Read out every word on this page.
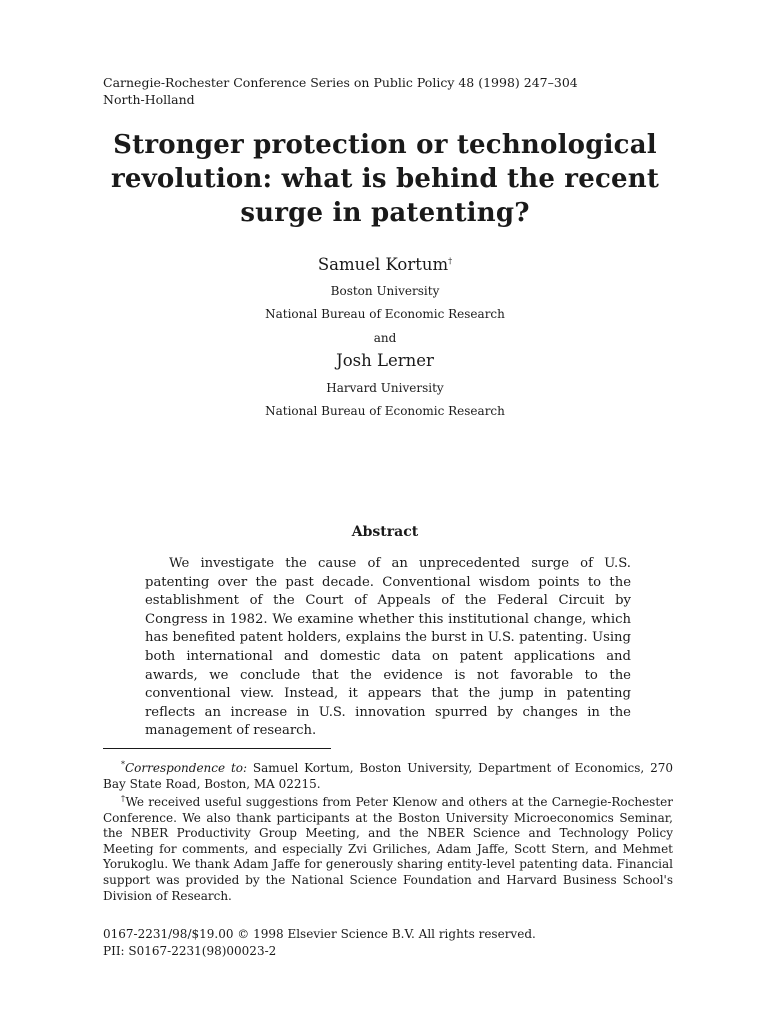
Carnegie-Rochester Conference Series on Public Policy 48 (1998) 247–304
North-Holland
Stronger protection or technological
revolution: what is behind the recent
surge in patenting?
Samuel Kortum†
Boston University
National Bureau of Economic Research
and
Josh Lerner
Harvard University
National Bureau of Economic Research
Abstract

We investigate the cause of an unprecedented surge of U.S. patenting over the past decade. Conventional wisdom points to the establishment of the Court of Appeals of the Federal Circuit by Congress in 1982. We examine whether this institutional change, which has benefited patent holders, explains the burst in U.S. patenting. Using both international and domestic data on patent applications and awards, we conclude that the evidence is not favorable to the conventional view. Instead, it appears that the jump in patenting reflects an increase in U.S. innovation spurred by changes in the management of research.

*Correspondence to: Samuel Kortum, Boston University, Department of Economics, 270 Bay State Road, Boston, MA 02215.

†We received useful suggestions from Peter Klenow and others at the Carnegie-Rochester Conference. We also thank participants at the Boston University Microeconomics Seminar, the NBER Productivity Group Meeting, and the NBER Science and Technology Policy Meeting for comments, and especially Zvi Griliches, Adam Jaffe, Scott Stern, and Mehmet Yorukoglu. We thank Adam Jaffe for generously sharing entity-level patenting data. Financial support was provided by the National Science Foundation and Harvard Business School's Division of Research.

0167-2231/98/$19.00 © 1998 Elsevier Science B.V. All rights reserved.
PII: S0167-2231(98)00023-2
